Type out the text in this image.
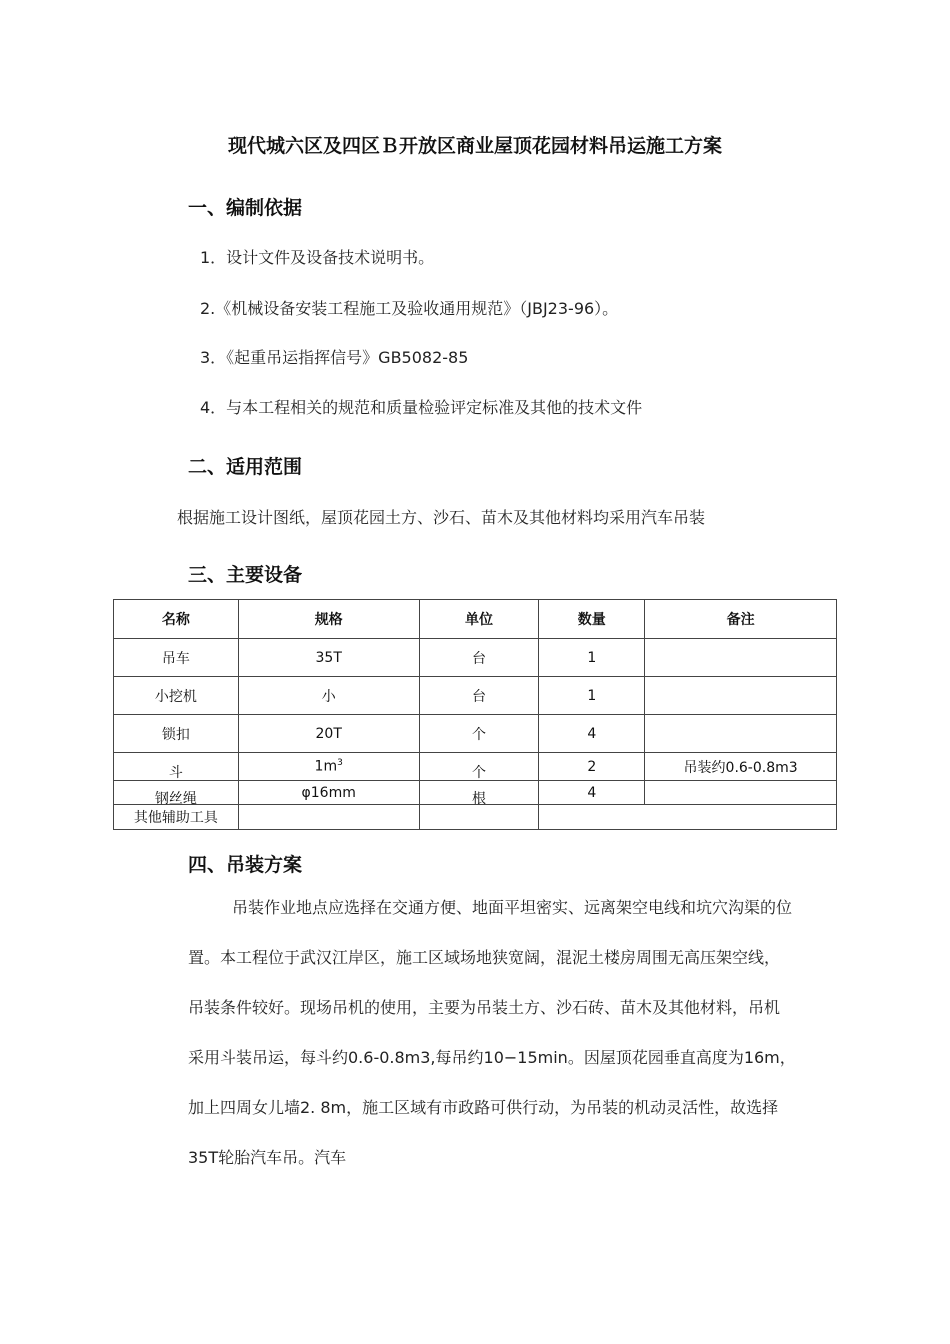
现代城六区及四区Ｂ开放区商业屋顶花园材料吊运施工方案
一、编制依据
1．设计文件及设备技术说明书。
2.《机械设备安装工程施工及验收通用规范》（JBJ23-96）。
3．《起重吊运指挥信号》GB5082-85
4．与本工程相关的规范和质量检验评定标准及其他的技术文件
二、适用范围
根据施工设计图纸，屋顶花园土方、沙石、苗木及其他材料均采用汽车吊装
三、主要设备
名称	规格	单位	数量	备注
吊车	35T	台	1	
小挖机	小	台	1	
锁扣	20T	个	4	
斗	$1m^3$	个	2	吊装约0.6-0.8m3
钢丝绳	φ16mm	根	4	
其他辅助工具				
四、吊装方案
吊装作业地点应选择在交通方便、地面平坦密实、远离架空电线和坑穴沟渠的位
置。本工程位于武汉江岸区，施工区域场地狭宽阔，混泥土楼房周围无高压架空线，
吊装条件较好。现场吊机的使用，主要为吊装土方、沙石砖、苗木及其他材料，吊机
采用斗装吊运，每斗约0.6-0.8m3,每吊约10−15min。因屋顶花园垂直高度为16m，
加上四周女儿墙2. 8m，施工区域有市政路可供行动，为吊装的机动灵活性，故选择
35T轮胎汽车吊。汽车
